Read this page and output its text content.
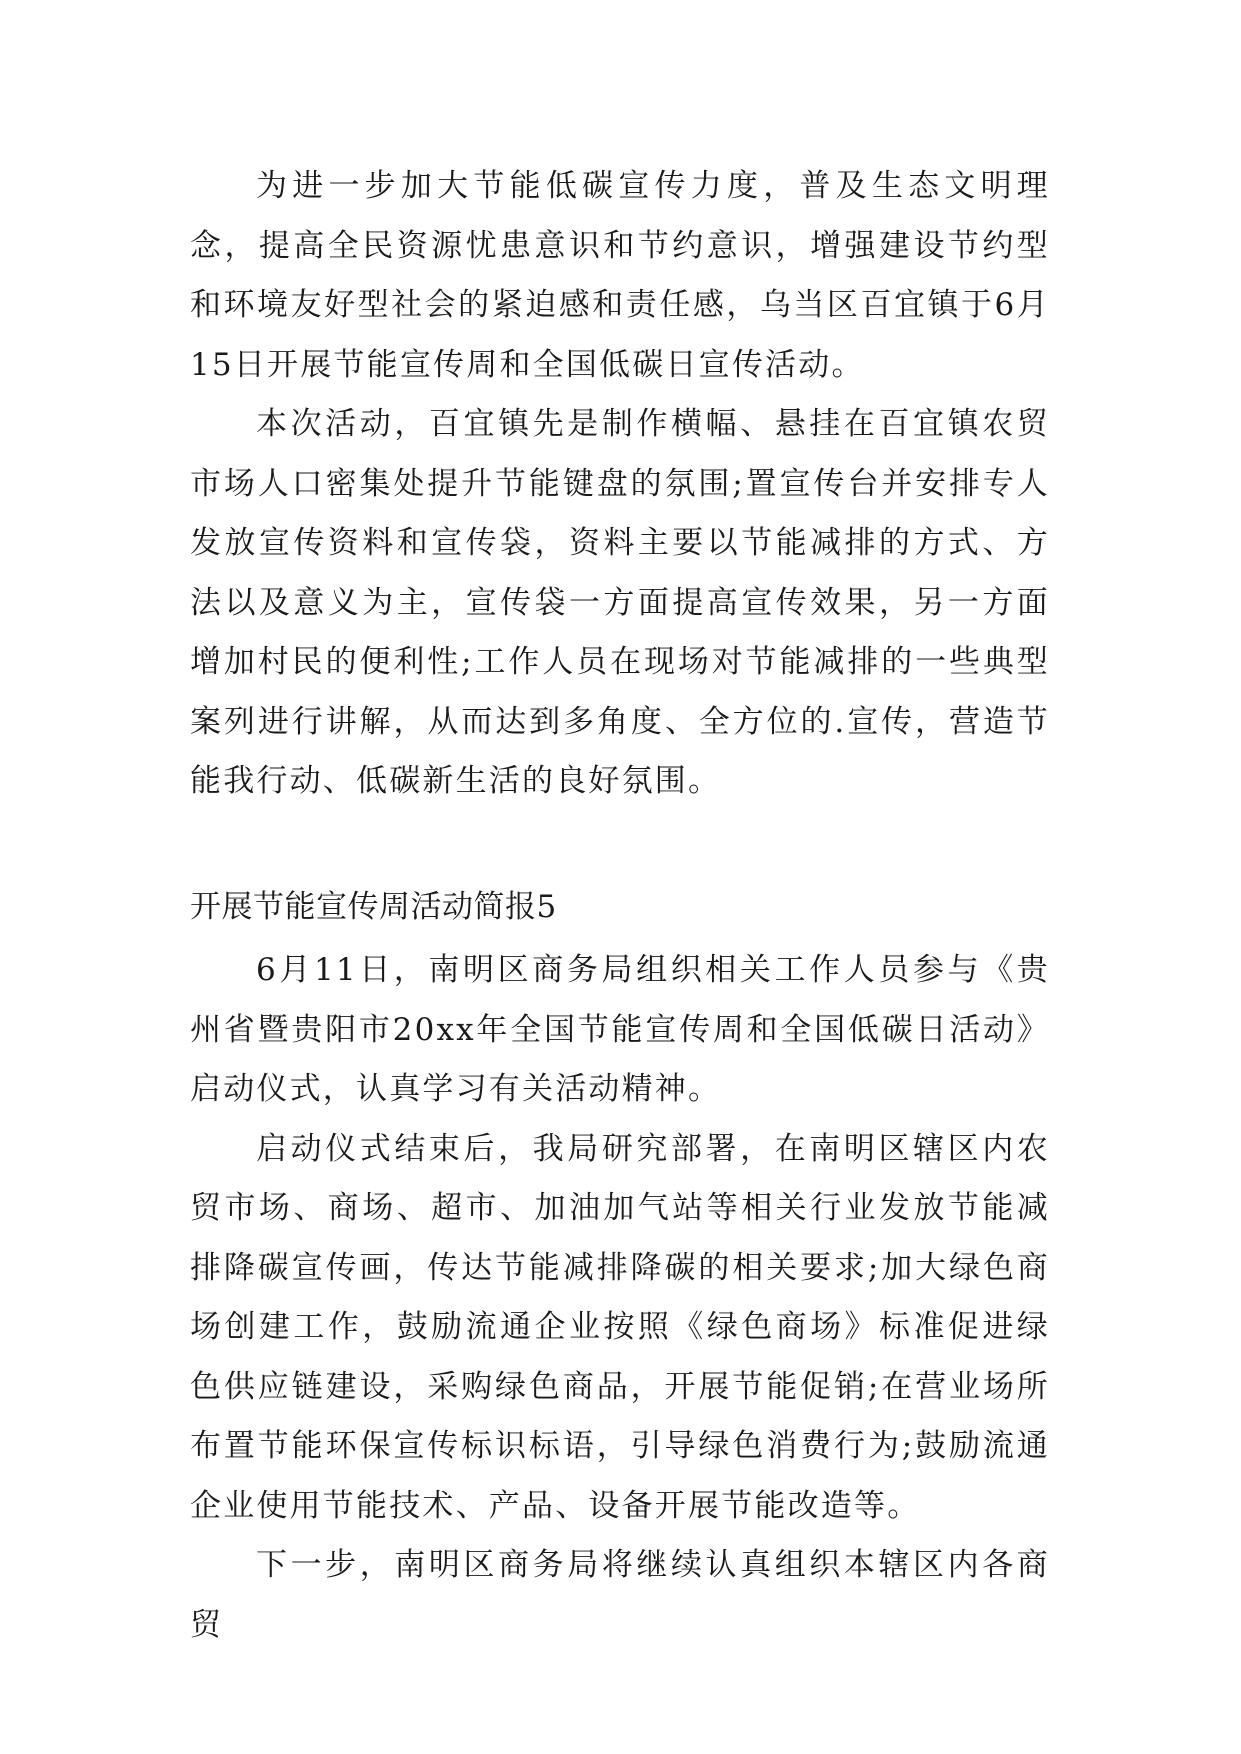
为进一步加大节能低碳宣传力度，普及生态文明理念，提高全民资源忧患意识和节约意识，增强建设节约型和环境友好型社会的紧迫感和责任感，乌当区百宜镇于6月15日开展节能宣传周和全国低碳日宣传活动。

本次活动，百宜镇先是制作横幅、悬挂在百宜镇农贸市场人口密集处提升节能键盘的氛围;置宣传台并安排专人发放宣传资料和宣传袋，资料主要以节能减排的方式、方法以及意义为主，宣传袋一方面提高宣传效果，另一方面增加村民的便利性;工作人员在现场对节能减排的一些典型案列进行讲解，从而达到多角度、全方位的.宣传，营造节能我行动、低碳新生活的良好氛围。

开展节能宣传周活动简报5

6月11日，南明区商务局组织相关工作人员参与《贵州省暨贵阳市20xx年全国节能宣传周和全国低碳日活动》启动仪式，认真学习有关活动精神。

启动仪式结束后，我局研究部署，在南明区辖区内农贸市场、商场、超市、加油加气站等相关行业发放节能减排降碳宣传画，传达节能减排降碳的相关要求;加大绿色商场创建工作，鼓励流通企业按照《绿色商场》标准促进绿色供应链建设，采购绿色商品，开展节能促销;在营业场所布置节能环保宣传标识标语，引导绿色消费行为;鼓励流通企业使用节能技术、产品、设备开展节能改造等。

下一步，南明区商务局将继续认真组织本辖区内各商贸
